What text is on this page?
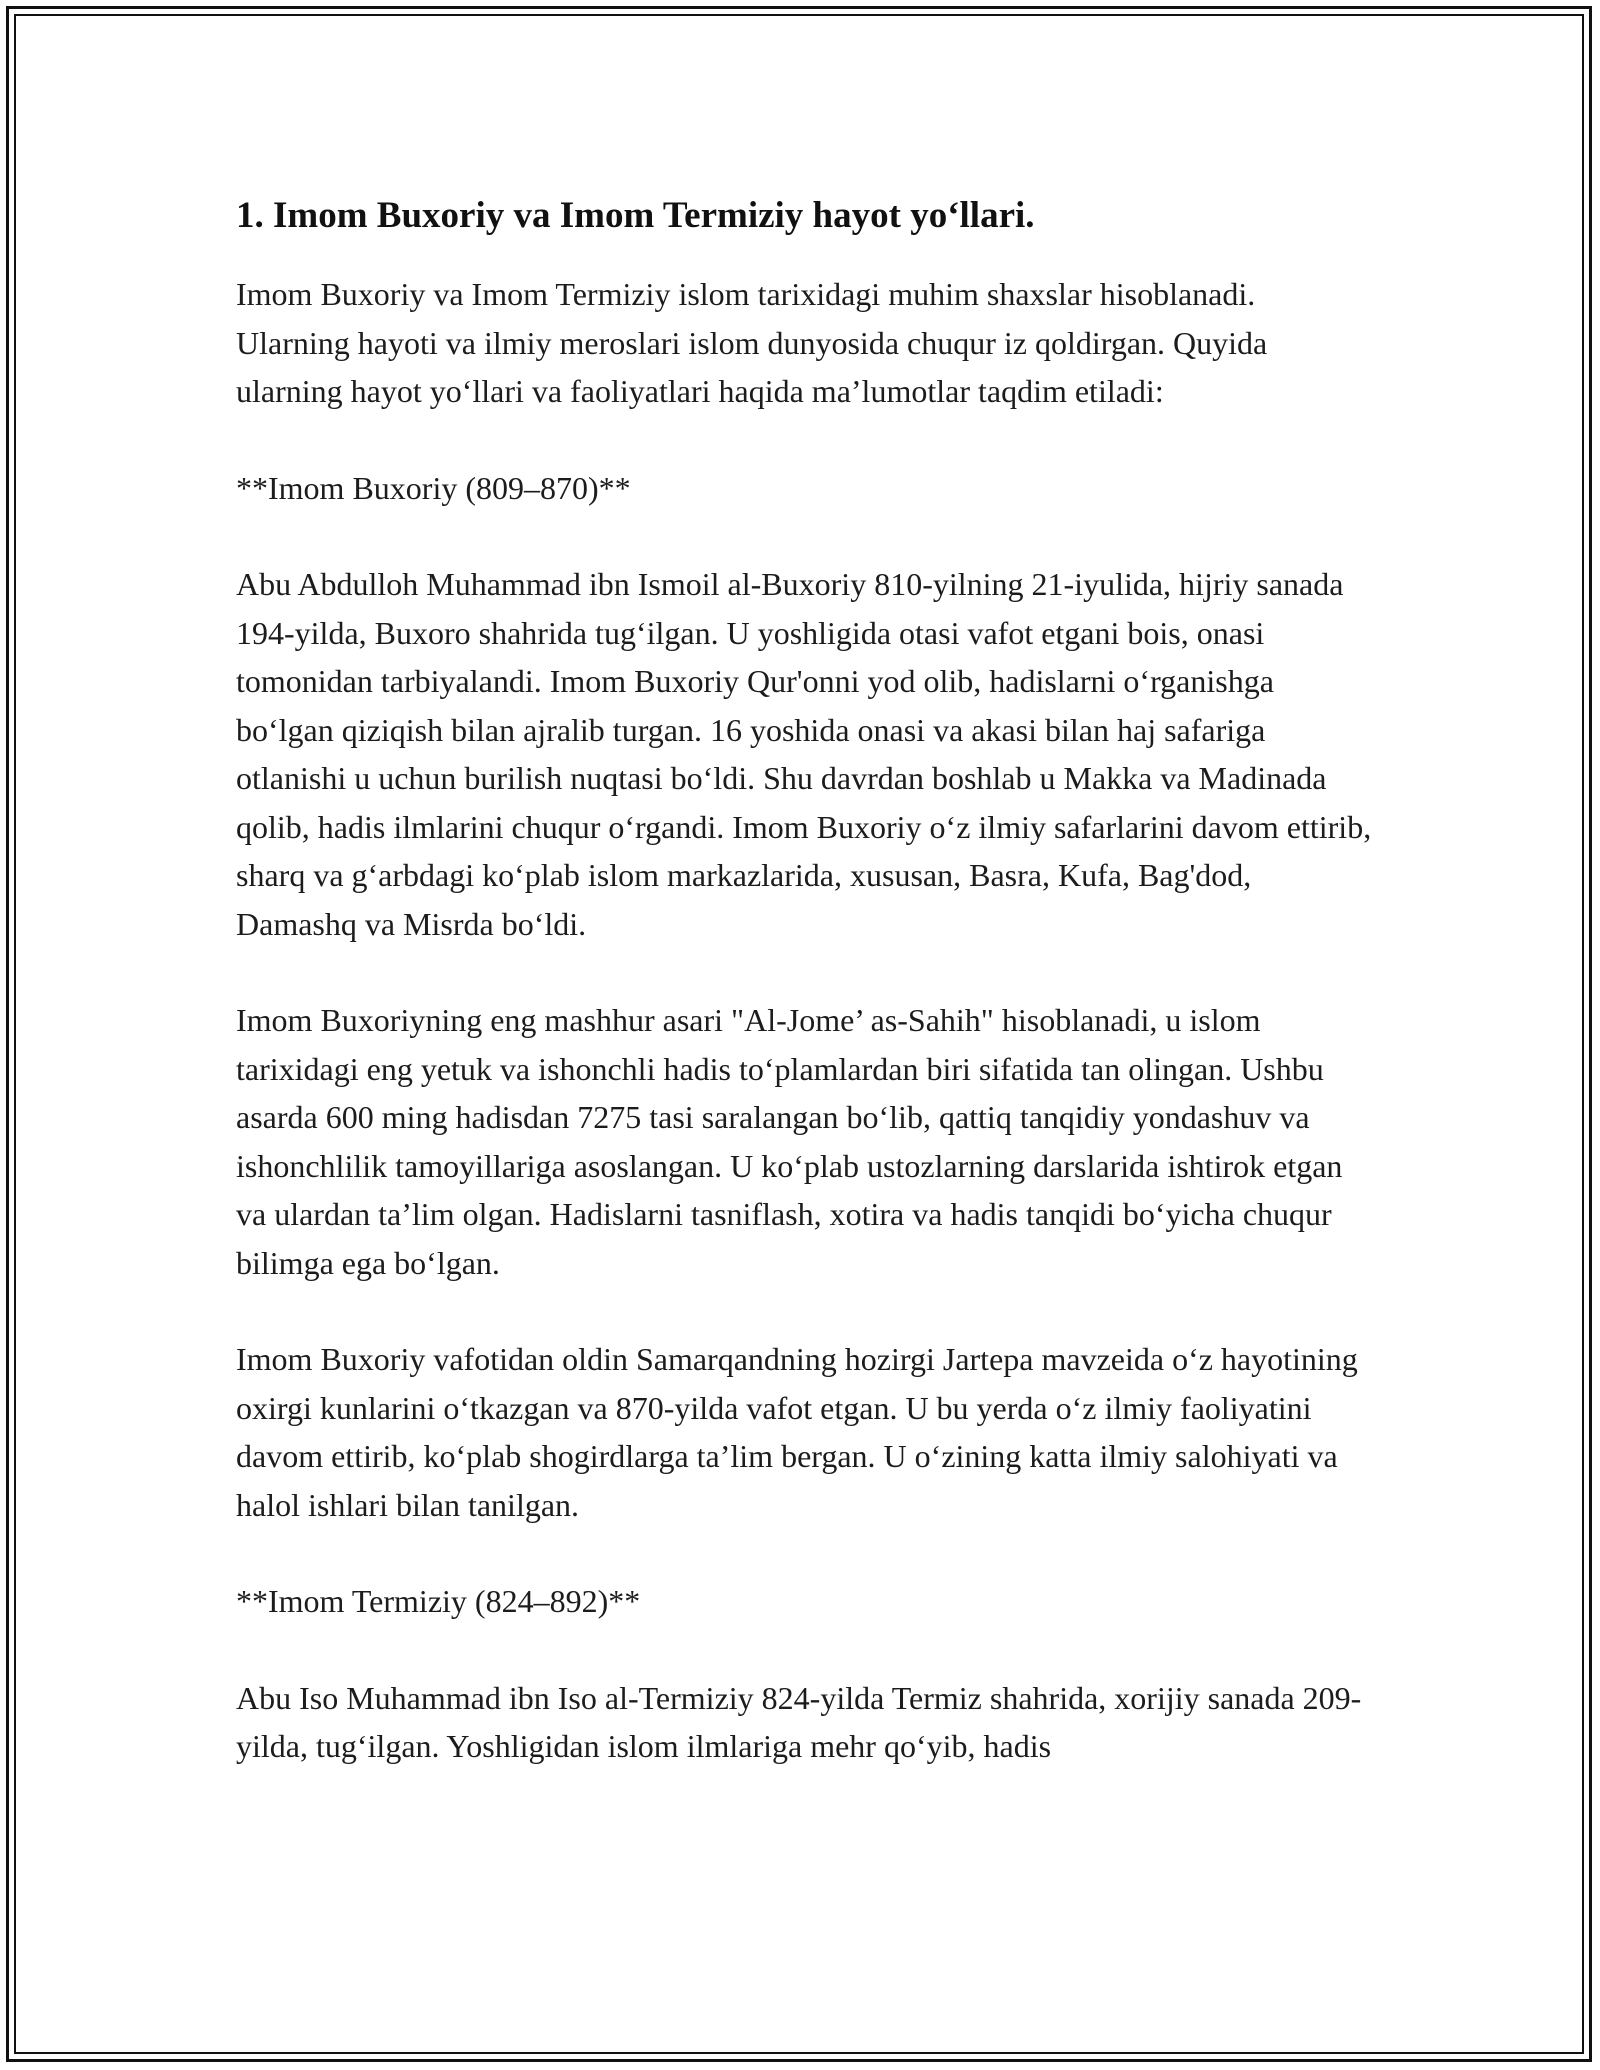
1. Imom Buxoriy va Imom Termiziy hayot yo‘llari.

Imom Buxoriy va Imom Termiziy islom tarixidagi muhim shaxslar hisoblanadi. Ularning hayoti va ilmiy meroslari islom dunyosida chuqur iz qoldirgan. Quyida ularning hayot yo‘llari va faoliyatlari haqida ma’lumotlar taqdim etiladi:

**Imom Buxoriy (809–870)**

Abu Abdulloh Muhammad ibn Ismoil al-Buxoriy 810-yilning 21-iyulida, hijriy sanada 194-yilda, Buxoro shahrida tug‘ilgan. U yoshligida otasi vafot etgani bois, onasi tomonidan tarbiyalandi. Imom Buxoriy Qur'onni yod olib, hadislarni o‘rganishga bo‘lgan qiziqish bilan ajralib turgan. 16 yoshida onasi va akasi bilan haj safariga otlanishi u uchun burilish nuqtasi bo‘ldi. Shu davrdan boshlab u Makka va Madinada qolib, hadis ilmlarini chuqur o‘rgandi. Imom Buxoriy o‘z ilmiy safarlarini davom ettirib, sharq va g‘arbdagi ko‘plab islom markazlarida, xususan, Basra, Kufa, Bag'dod, Damashq va Misrda bo‘ldi.

Imom Buxoriyning eng mashhur asari "Al-Jome’ as-Sahih" hisoblanadi, u islom tarixidagi eng yetuk va ishonchli hadis to‘plamlardan biri sifatida tan olingan. Ushbu asarda 600 ming hadisdan 7275 tasi saralangan bo‘lib, qattiq tanqidiy yondashuv va ishonchlilik tamoyillariga asoslangan. U ko‘plab ustozlarning darslarida ishtirok etgan va ulardan ta’lim olgan. Hadislarni tasniflash, xotira va hadis tanqidi bo‘yicha chuqur bilimga ega bo‘lgan.

Imom Buxoriy vafotidan oldin Samarqandning hozirgi Jartepa mavzeida o‘z hayotining oxirgi kunlarini o‘tkazgan va 870-yilda vafot etgan. U bu yerda o‘z ilmiy faoliyatini davom ettirib, ko‘plab shogirdlarga ta’lim bergan. U o‘zining katta ilmiy salohiyati va halol ishlari bilan tanilgan.

**Imom Termiziy (824–892)**

Abu Iso Muhammad ibn Iso al-Termiziy 824-yilda Termiz shahrida, xorijiy sanada 209-yilda, tug‘ilgan. Yoshligidan islom ilmlariga mehr qo‘yib, hadis
